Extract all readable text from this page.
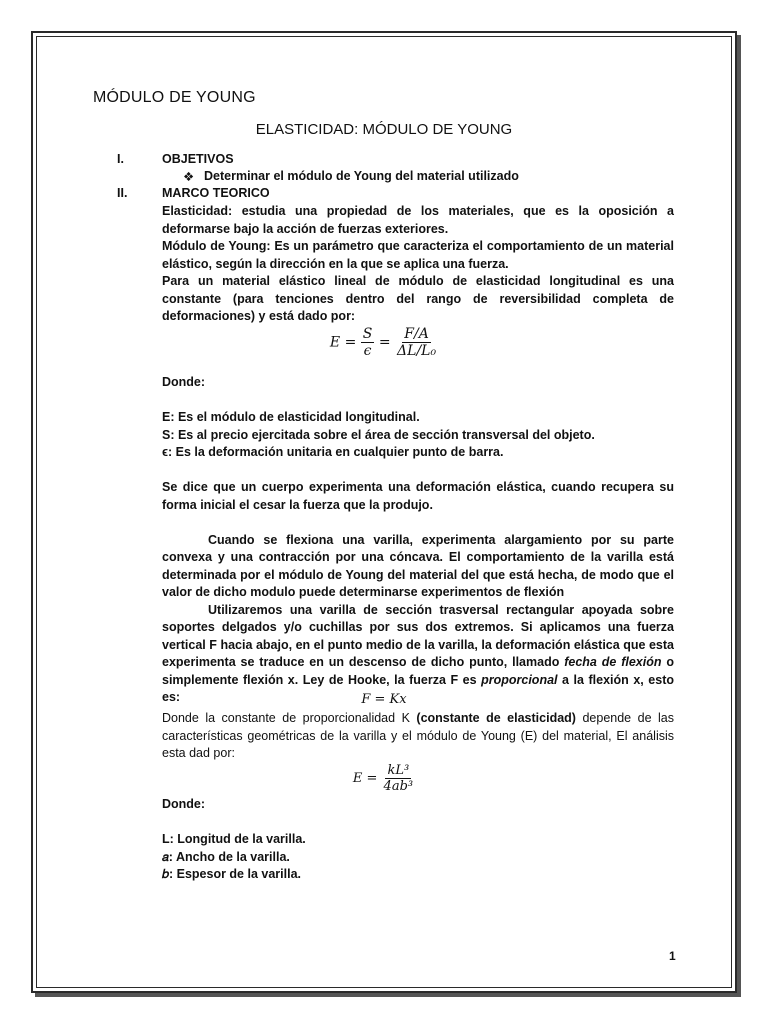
MÓDULO DE YOUNG
ELASTICIDAD: MÓDULO DE YOUNG
I.	OBJETIVOS
❖ Determinar el módulo de Young del material utilizado
II.	MARCO TEORICO

Elasticidad: estudia una propiedad de los materiales, que es la oposición a deformarse bajo la acción de fuerzas exteriores.

Módulo de Young: Es un parámetro que caracteriza el comportamiento de un material elástico, según la dirección en la que se aplica una fuerza.

Para un material elástico lineal de módulo de elasticidad longitudinal es una constante (para tenciones dentro del rango de reversibilidad completa de deformaciones) y está dado por:

$E = \frac{S}{\epsilon} = \frac{F/A}{\text{ΔL/L₀}}$

Donde:

E: Es el módulo de elasticidad longitudinal.

S: Es al precio ejercitada sobre el área de sección transversal del objeto.

ϵ: Es la deformación unitaria en cualquier punto de barra.

Se dice que un cuerpo experimenta una deformación elástica, cuando recupera su forma inicial el cesar la fuerza que la produjo.

Cuando se flexiona una varilla, experimenta alargamiento por su parte convexa y una contracción por una cóncava. El comportamiento de la varilla está determinada por el módulo de Young del material del que está hecha, de modo que el valor de dicho modulo puede determinarse experimentos de flexión

Utilizaremos una varilla de sección trasversal rectangular apoyada sobre soportes delgados y/o cuchillas por sus dos extremos. Si aplicamos una fuerza vertical F hacia abajo, en el punto medio de la varilla, la deformación elástica que esta experimenta se traduce en un descenso de dicho punto, llamado fecha de flexión o simplemente flexión x. Ley de Hooke, la fuerza F es proporcional a la flexión x, esto es:	F = Kx

Donde la constante de proporcionalidad K (constante de elasticidad) depende de las características geométricas de la varilla y el módulo de Young (E) del material, El análisis esta dad por:

$E = \frac{\text{kL³}}{\text{4ab³}}$

Donde:

L: Longitud de la varilla.

𝑎: Ancho de la varilla.

𝑏: Espesor de la varilla.

1
